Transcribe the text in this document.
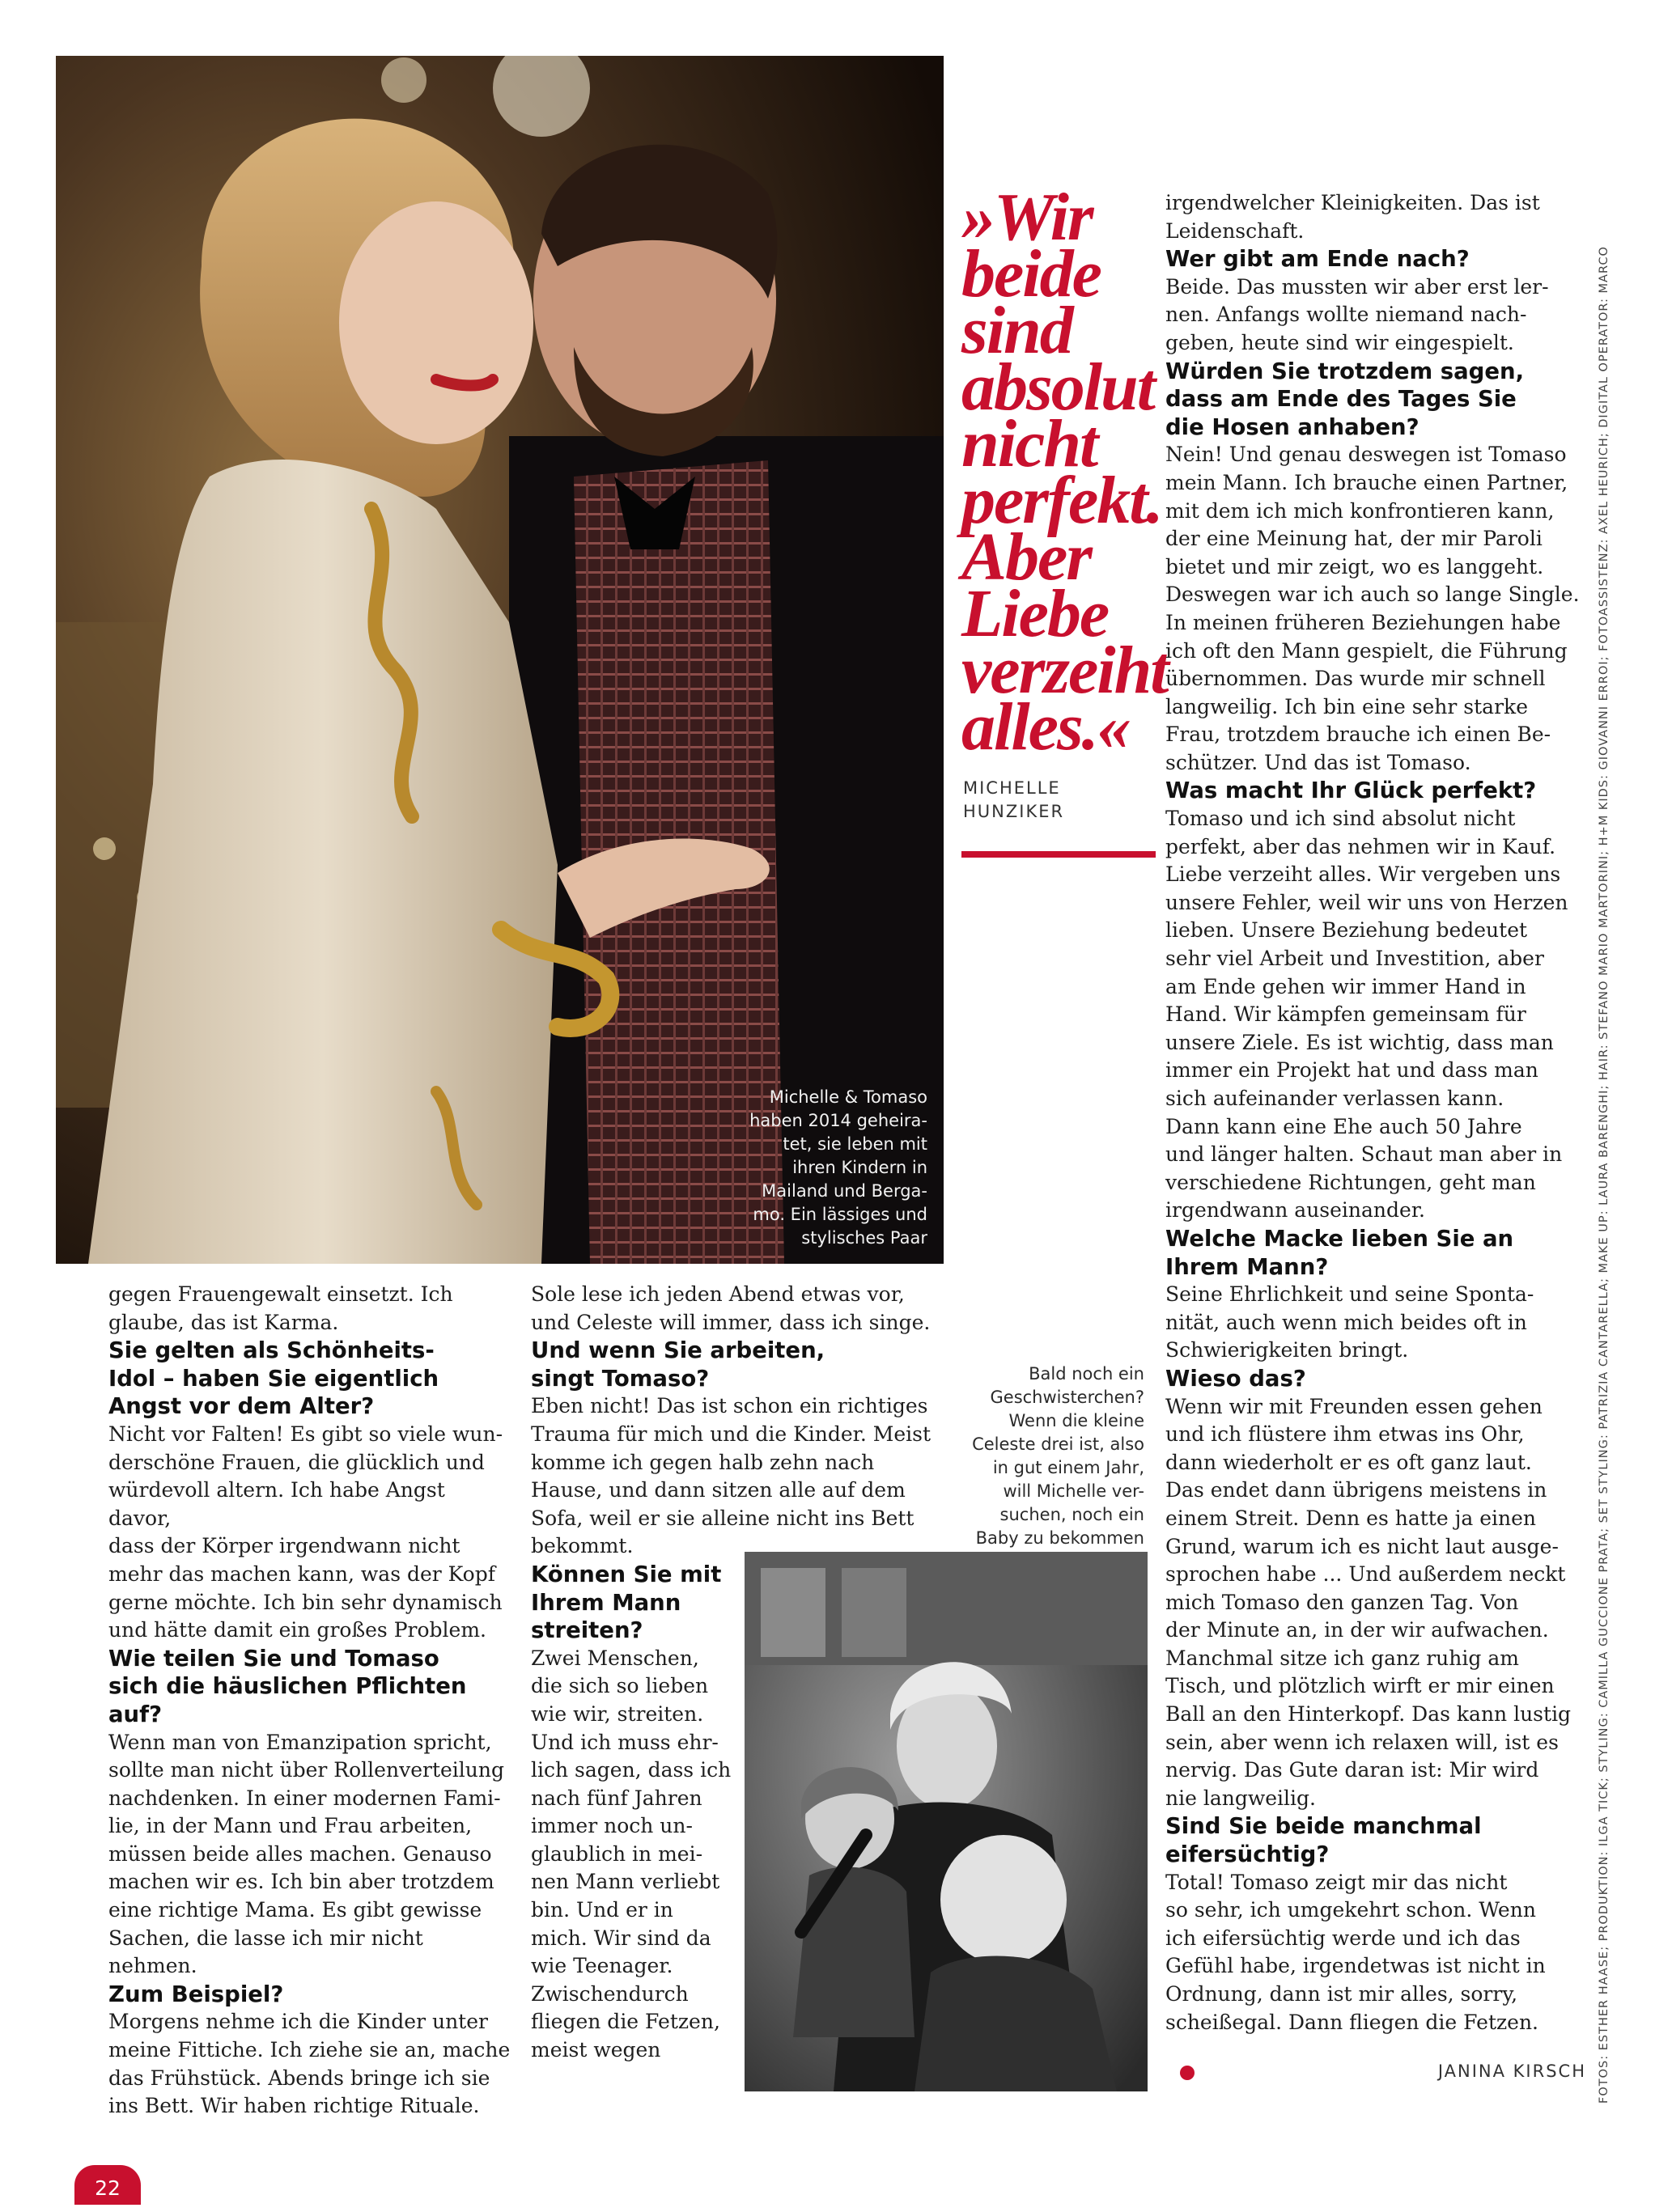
Michelle & Tomaso
haben 2014 geheira-
tet, sie leben mit
ihren Kindern in
Mailand und Berga-
mo. Ein lässiges und
stylisches Paar
»Wir
beide
sind
absolut
nicht
perfekt.
Aber
Liebe
verzeiht
alles.«
MICHELLE
HUNZIKER
gegen Frauengewalt einsetzt. Ich
glaube, das ist Karma.
Sie gelten als Schönheits-
Idol – haben Sie eigentlich
Angst vor dem Alter?
Nicht vor Falten! Es gibt so viele wun-
derschöne Frauen, die glücklich und
würdevoll altern. Ich habe Angst davor,
dass der Körper irgendwann nicht
mehr das machen kann, was der Kopf
gerne möchte. Ich bin sehr dynamisch
und hätte damit ein großes Problem.
Wie teilen Sie und Tomaso
sich die häuslichen Pflichten
auf?
Wenn man von Emanzipation spricht,
sollte man nicht über Rollenverteilung
nachdenken. In einer modernen Fami-
lie, in der Mann und Frau arbeiten,
müssen beide alles machen. Genauso
machen wir es. Ich bin aber trotzdem
eine richtige Mama. Es gibt gewisse
Sachen, die lasse ich mir nicht nehmen.
Zum Beispiel?
Morgens nehme ich die Kinder unter
meine Fittiche. Ich ziehe sie an, mache
das Frühstück. Abends bringe ich sie
ins Bett. Wir haben richtige Rituale.
Sole lese ich jeden Abend etwas vor,
und Celeste will immer, dass ich singe.
Und wenn Sie arbeiten,
singt Tomaso?
Eben nicht! Das ist schon ein richtiges
Trauma für mich und die Kinder. Meist
komme ich gegen halb zehn nach
Hause, und dann sitzen alle auf dem
Sofa, weil er sie alleine nicht ins Bett
bekommt.
Können Sie mit
Ihrem Mann
streiten?
Zwei Menschen,
die sich so lieben
wie wir, streiten.
Und ich muss ehr-
lich sagen, dass ich
nach fünf Jahren
immer noch un-
glaublich in mei-
nen Mann verliebt
bin. Und er in
mich. Wir sind da
wie Teenager.
Zwischendurch
fliegen die Fetzen,
meist wegen
irgendwelcher Kleinigkeiten. Das ist
Leidenschaft.
Wer gibt am Ende nach?
Beide. Das mussten wir aber erst ler-
nen. Anfangs wollte niemand nach-
geben, heute sind wir eingespielt.
Würden Sie trotzdem sagen,
dass am Ende des Tages Sie
die Hosen anhaben?
Nein! Und genau deswegen ist Tomaso
mein Mann. Ich brauche einen Partner,
mit dem ich mich konfrontieren kann,
der eine Meinung hat, der mir Paroli
bietet und mir zeigt, wo es langgeht.
Deswegen war ich auch so lange Single.
In meinen früheren Beziehungen habe
ich oft den Mann gespielt, die Führung
übernommen. Das wurde mir schnell
langweilig. Ich bin eine sehr starke
Frau, trotzdem brauche ich einen Be-
schützer. Und das ist Tomaso.
Was macht Ihr Glück perfekt?
Tomaso und ich sind absolut nicht
perfekt, aber das nehmen wir in Kauf.
Liebe verzeiht alles. Wir vergeben uns
unsere Fehler, weil wir uns von Herzen
lieben. Unsere Beziehung bedeutet
sehr viel Arbeit und Investition, aber
am Ende gehen wir immer Hand in
Hand. Wir kämpfen gemeinsam für
unsere Ziele. Es ist wichtig, dass man
immer ein Projekt hat und dass man
sich aufeinander verlassen kann.
Dann kann eine Ehe auch 50 Jahre
und länger halten. Schaut man aber in
verschiedene Richtungen, geht man
irgendwann auseinander.
Welche Macke lieben Sie an
Ihrem Mann?
Seine Ehrlichkeit und seine Sponta-
nität, auch wenn mich beides oft in
Schwierigkeiten bringt.
Wieso das?
Wenn wir mit Freunden essen gehen
und ich flüstere ihm etwas ins Ohr,
dann wiederholt er es oft ganz laut.
Das endet dann übrigens meistens in
einem Streit. Denn es hatte ja einen
Grund, warum ich es nicht laut ausge-
sprochen habe ... Und außerdem neckt
mich Tomaso den ganzen Tag. Von
der Minute an, in der wir aufwachen.
Manchmal sitze ich ganz ruhig am
Tisch, und plötzlich wirft er mir einen
Ball an den Hinterkopf. Das kann lustig
sein, aber wenn ich relaxen will, ist es
nervig. Das Gute daran ist: Mir wird
nie langweilig.
Sind Sie beide manchmal
eifersüchtig?
Total! Tomaso zeigt mir das nicht
so sehr, ich umgekehrt schon. Wenn
ich eifersüchtig werde und ich das
Gefühl habe, irgendetwas ist nicht in
Ordnung, dann ist mir alles, sorry,
scheißegal. Dann fliegen die Fetzen.
Bald noch ein
Geschwisterchen?
Wenn die kleine
Celeste drei ist, also
in gut einem Jahr,
will Michelle ver-
suchen, noch ein
Baby zu bekommen	FOTOS: ESTHER HAASE; PRODUKTION: ILGA TICK; STYLING: CAMILLA GUCCIONE PRATA; SET STYLING: PATRIZIA CANTARELLA; MAKE UP: LAURA BARENGHI; HAIR: STEFANO MARIO MARTORINI; H+M KIDS: GIOVANNI ERROI; FOTOASSISTENZ: AXEL HEURICH; DIGITAL OPERATOR: MARCO
JANINA KIRSCH
22
